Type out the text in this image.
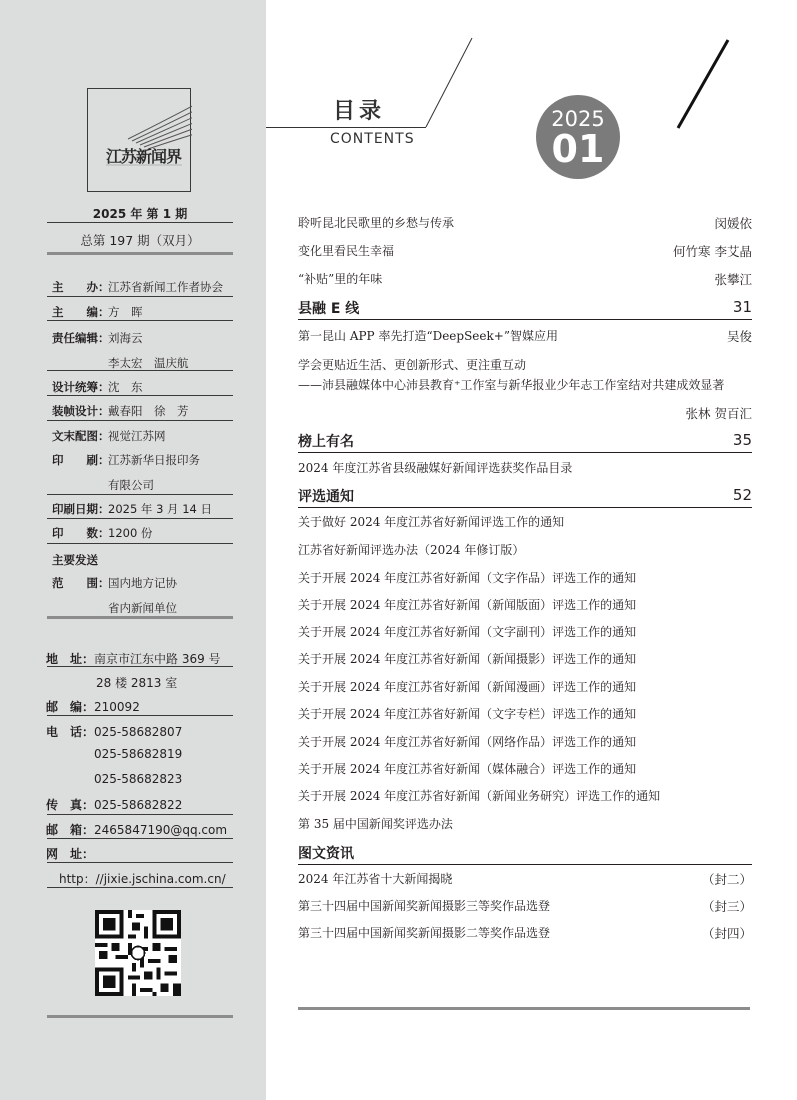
江苏新闻界
2025 年 第 1 期
总第 197 期（双月）
主　　办：江苏省新闻工作者协会
主　　编：方　晖
责任编辑：刘海云
李太宏　温庆航
设计统筹：沈　东
装帧设计：戴春阳　徐　芳
文末配图：视觉江苏网
印　　刷：江苏新华日报印务
有限公司
印刷日期：2025 年 3 月 14 日
印　　数：1200 份
主要发送
范　　围：国内地方记协
省内新闻单位
地　址：南京市江东中路 369 号
28 楼 2813 室
邮　编：210092
电　话：025-58682807
025-58682819
025-58682823
传　真：025-58682822
邮　箱：2465847190@qq.com
网　址：
http：//jixie.jschina.com.cn/
目录
CONTENTS
2025
01
聆听昆北民歌里的乡愁与传承	闵媛依
变化里看民生幸福	何竹寒 李艾晶
“补贴”里的年味	张攀江
县融 E 线	31
第一昆山 APP 率先打造“DeepSeek+”智媒应用	吴俊
学会更贴近生活、更创新形式、更注重互动
——沛县融媒体中心沛县教育⁺工作室与新华报业少年志工作室结对共建成效显著
张林 贺百汇
榜上有名	35
2024 年度江苏省县级融媒好新闻评选获奖作品目录
评选通知	52
关于做好 2024 年度江苏省好新闻评选工作的通知
江苏省好新闻评选办法（2024 年修订版）
关于开展 2024 年度江苏省好新闻（文字作品）评选工作的通知
关于开展 2024 年度江苏省好新闻（新闻版面）评选工作的通知
关于开展 2024 年度江苏省好新闻（文字副刊）评选工作的通知
关于开展 2024 年度江苏省好新闻（新闻摄影）评选工作的通知
关于开展 2024 年度江苏省好新闻（新闻漫画）评选工作的通知
关于开展 2024 年度江苏省好新闻（文字专栏）评选工作的通知
关于开展 2024 年度江苏省好新闻（网络作品）评选工作的通知
关于开展 2024 年度江苏省好新闻（媒体融合）评选工作的通知
关于开展 2024 年度江苏省好新闻（新闻业务研究）评选工作的通知
第 35 届中国新闻奖评选办法
图文资讯
2024 年江苏省十大新闻揭晓	（封二）
第三十四届中国新闻奖新闻摄影三等奖作品选登	（封三）
第三十四届中国新闻奖新闻摄影二等奖作品选登	（封四）
